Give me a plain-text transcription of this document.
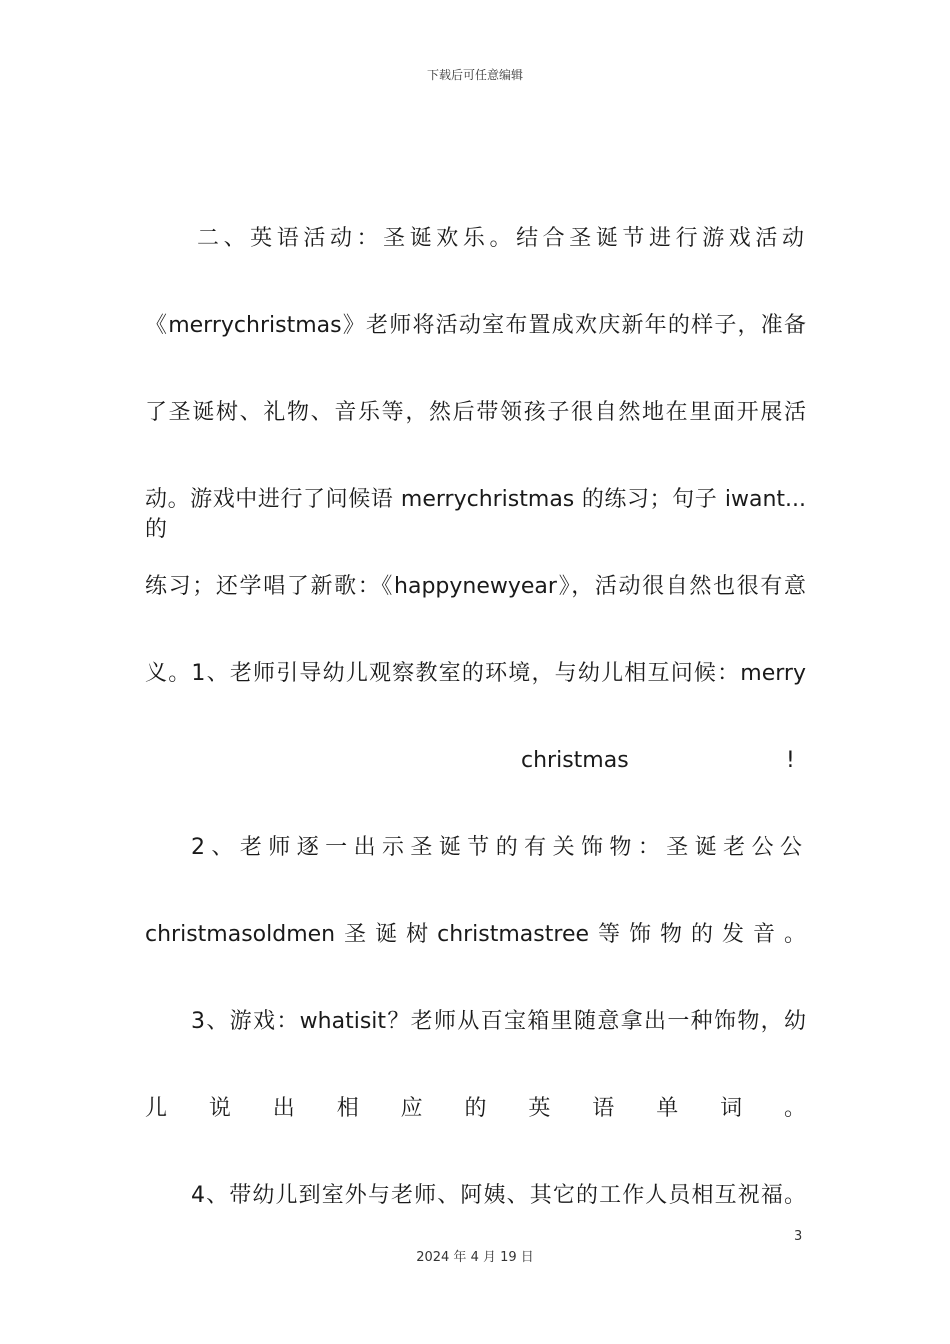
下载后可任意编辑
二、英语活动：圣诞欢乐。结合圣诞节进行游戏活动
《merrychristmas》老师将活动室布置成欢庆新年的样子，准备
了圣诞树、礼物、音乐等，然后带领孩子很自然地在里面开展活
动。游戏中进行了问候语 merrychristmas 的练习；句子 iwant...的
练习；还学唱了新歌：《happynewyear》，活动很自然也很有意
义。1、老师引导幼儿观察教室的环境，与幼儿相互问候：merry
christmas	!
2、老师逐一出示圣诞节的有关饰物：圣诞老公公
christmasoldmen 圣 诞 树 christmastree 等 饰 物 的 发 音 。
3、游戏：whatisit？老师从百宝箱里随意拿出一种饰物，幼
儿 说 出 相 应 的 英 语 单 词 。
4、带幼儿到室外与老师、阿姨、其它的工作人员相互祝福。
3
2024 年 4 月 19 日
